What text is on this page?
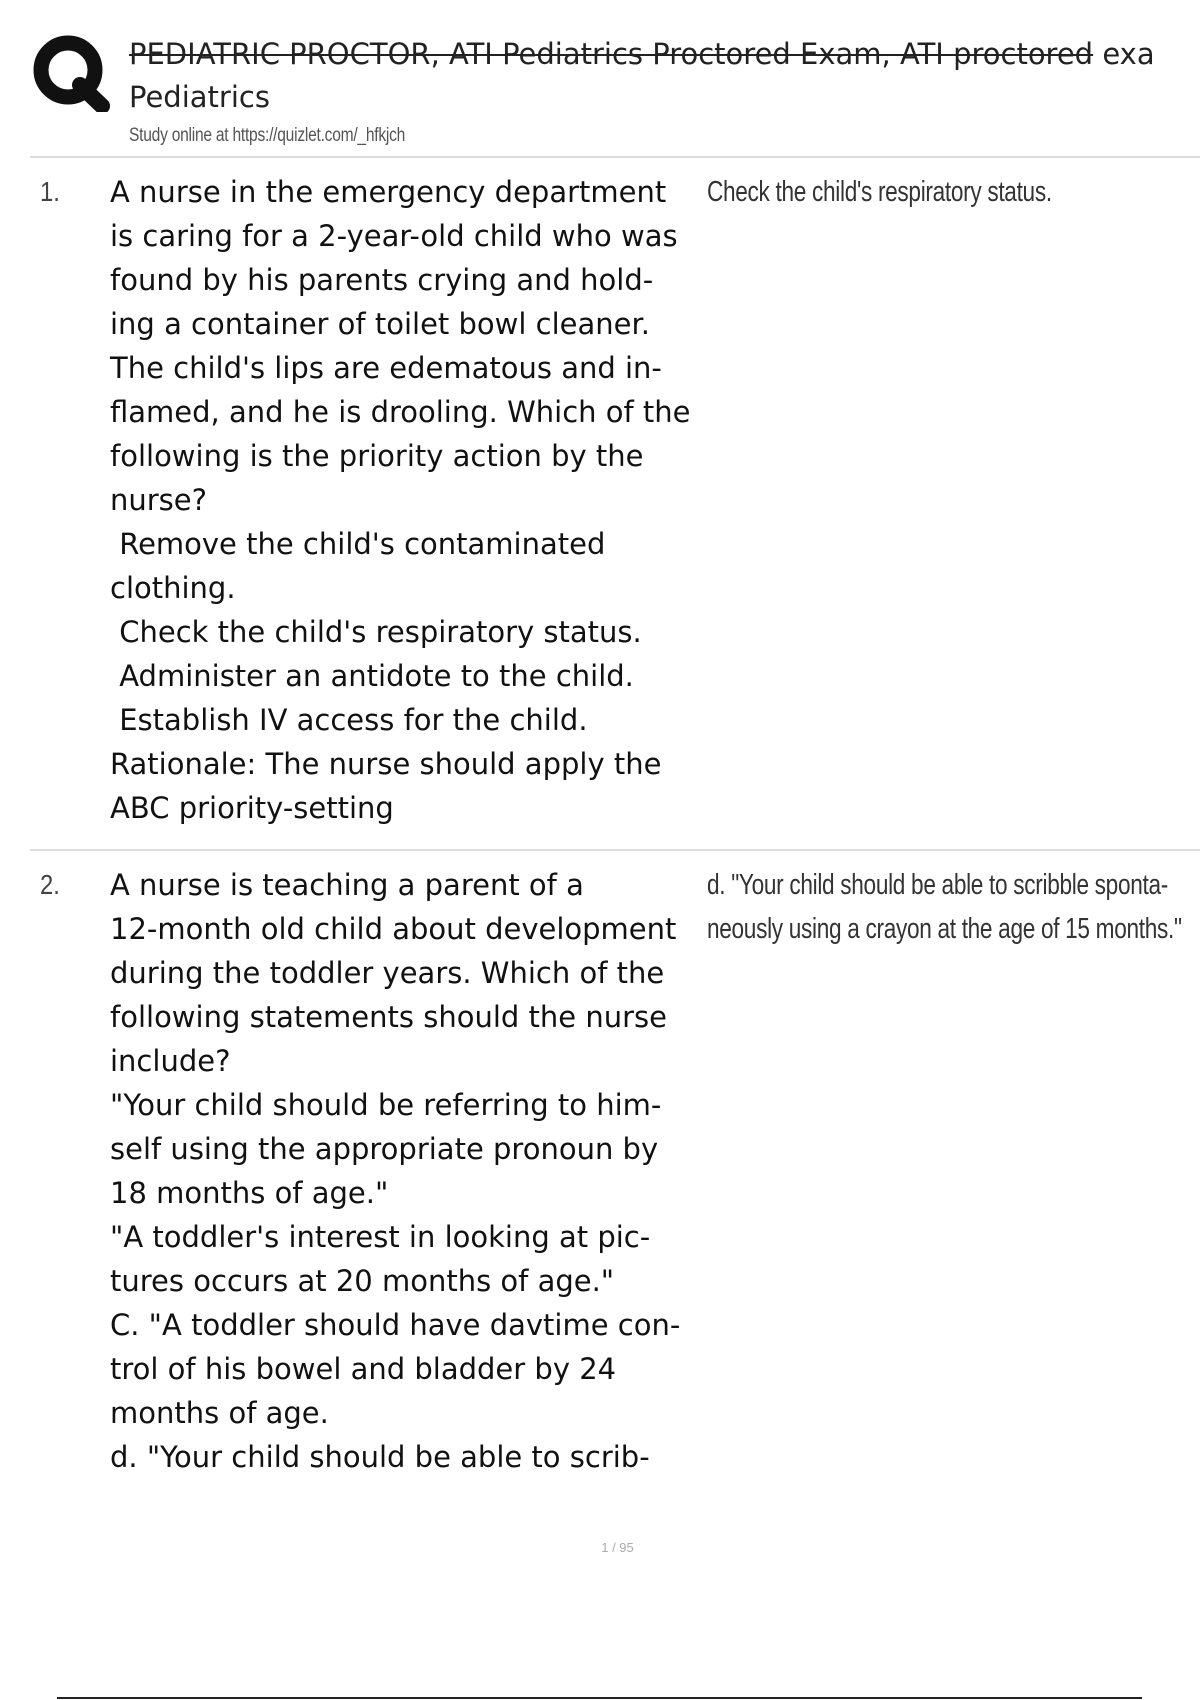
PEDIATRIC PROCTOR, ATI Pediatrics Proctored Exam, ATI proctored exa
Pediatrics
Study online at https://quizlet.com/_hfkjch
1. A nurse in the emergency department
is caring for a 2-year-old child who was
found by his parents crying and hold-
ing a container of toilet bowl cleaner.
The child's lips are edematous and in-
flamed, and he is drooling. Which of the
following is the priority action by the
nurse?
Remove the child's contaminated
clothing.
Check the child's respiratory status.
Administer an antidote to the child.
Establish IV access for the child.
Rationale: The nurse should apply the
ABC priority-setting
Check the child's respiratory status.
2. A nurse is teaching a parent of a
12-month old child about development
during the toddler years. Which of the
following statements should the nurse
include?
"Your child should be referring to him-
self using the appropriate pronoun by
18 months of age."
"A toddler's interest in looking at pic-
tures occurs at 20 months of age."
C. "A toddler should have davtime con-
trol of his bowel and bladder by 24
months of age.
d. "Your child should be able to scrib-
d. "Your child should be able to scribble sponta-
neously using a crayon at the age of 15 months."
1 / 95
